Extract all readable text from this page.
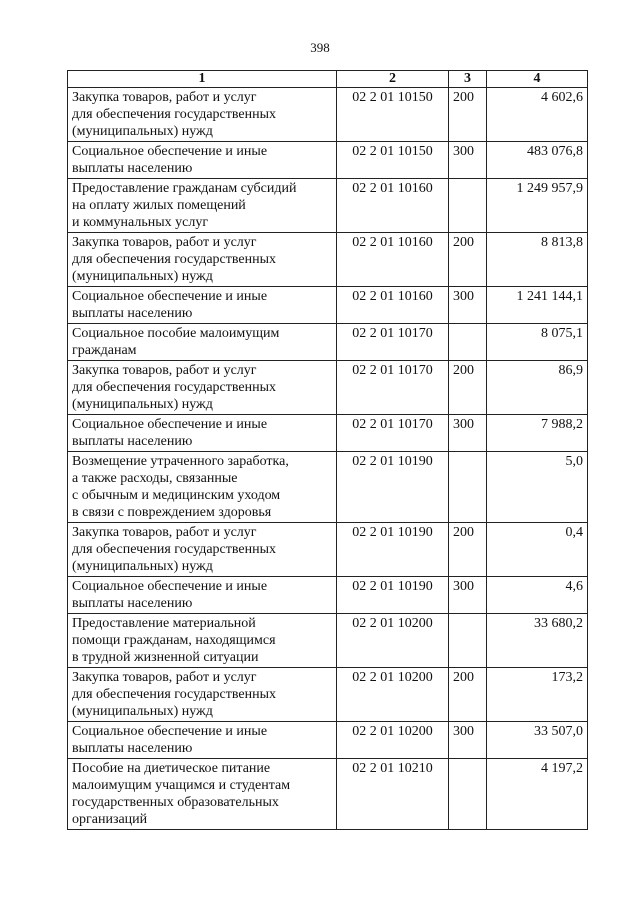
398
1	2	3	4
Закупка товаров, работ и услуг
для обеспечения государственных
(муниципальных) нужд	02 2 01 10150	200	4 602,6
Социальное обеспечение и иные
выплаты населению	02 2 01 10150	300	483 076,8
Предоставление гражданам субсидий
на оплату жилых помещений
и коммунальных услуг	02 2 01 10160		1 249 957,9
Закупка товаров, работ и услуг
для обеспечения государственных
(муниципальных) нужд	02 2 01 10160	200	8 813,8
Социальное обеспечение и иные
выплаты населению	02 2 01 10160	300	1 241 144,1
Социальное пособие малоимущим
гражданам	02 2 01 10170		8 075,1
Закупка товаров, работ и услуг
для обеспечения государственных
(муниципальных) нужд	02 2 01 10170	200	86,9
Социальное обеспечение и иные
выплаты населению	02 2 01 10170	300	7 988,2
Возмещение утраченного заработка,
а также расходы, связанные
с обычным и медицинским уходом
в связи с повреждением здоровья	02 2 01 10190		5,0
Закупка товаров, работ и услуг
для обеспечения государственных
(муниципальных) нужд	02 2 01 10190	200	0,4
Социальное обеспечение и иные
выплаты населению	02 2 01 10190	300	4,6
Предоставление материальной
помощи гражданам, находящимся
в трудной жизненной ситуации	02 2 01 10200		33 680,2
Закупка товаров, работ и услуг
для обеспечения государственных
(муниципальных) нужд	02 2 01 10200	200	173,2
Социальное обеспечение и иные
выплаты населению	02 2 01 10200	300	33 507,0
Пособие на диетическое питание
малоимущим учащимся и студентам
государственных образовательных
организаций	02 2 01 10210		4 197,2
